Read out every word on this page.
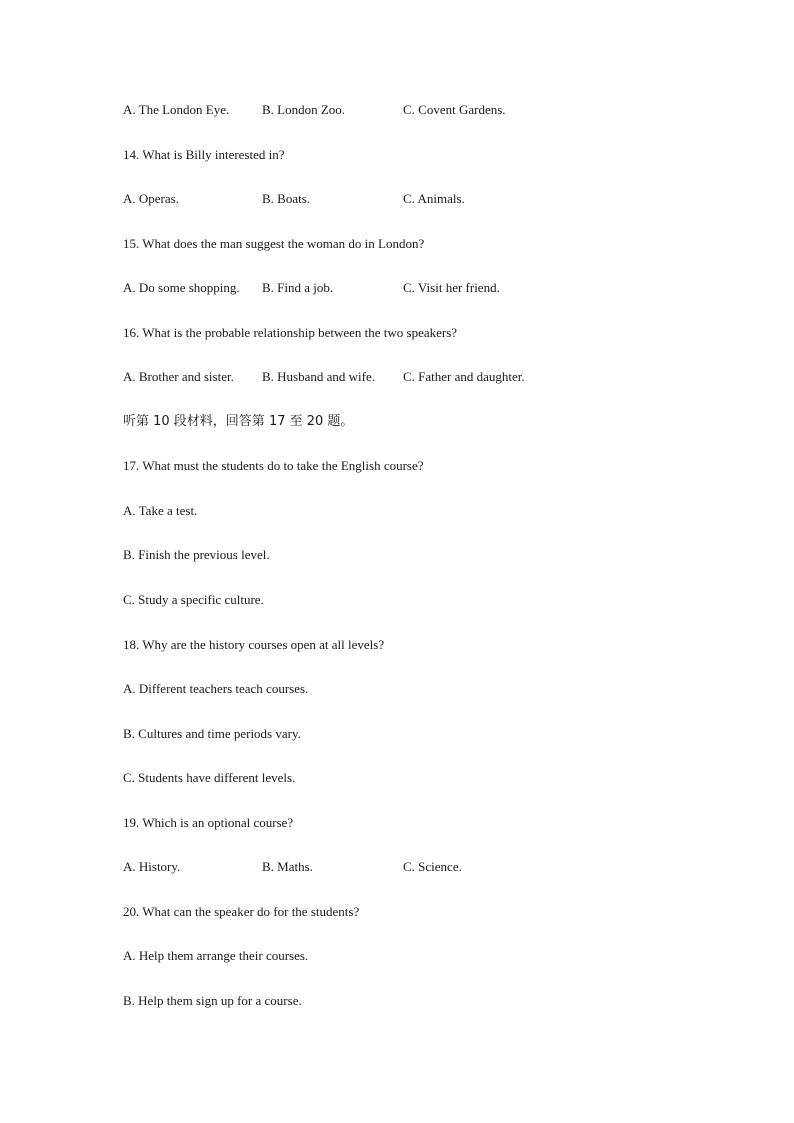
A. The London Eye.	B. London Zoo.	C. Covent Gardens.
14. What is Billy interested in?
A. Operas.	B. Boats.	C. Animals.
15. What does the man suggest the woman do in London?
A. Do some shopping. B. Find a job.	C. Visit her friend.
16. What is the probable relationship between the two speakers?
A. Brother and sister. B. Husband and wife. C. Father and daughter.
听第 10 段材料，回答第 17 至 20 题。
17. What must the students do to take the English course?
A. Take a test.
B. Finish the previous level.
C. Study a specific culture.
18. Why are the history courses open at all levels?
A. Different teachers teach courses.
B. Cultures and time periods vary.
C. Students have different levels.
19. Which is an optional course?
A. History.	B. Maths.	C. Science.
20. What can the speaker do for the students?
A. Help them arrange their courses.
B. Help them sign up for a course.
